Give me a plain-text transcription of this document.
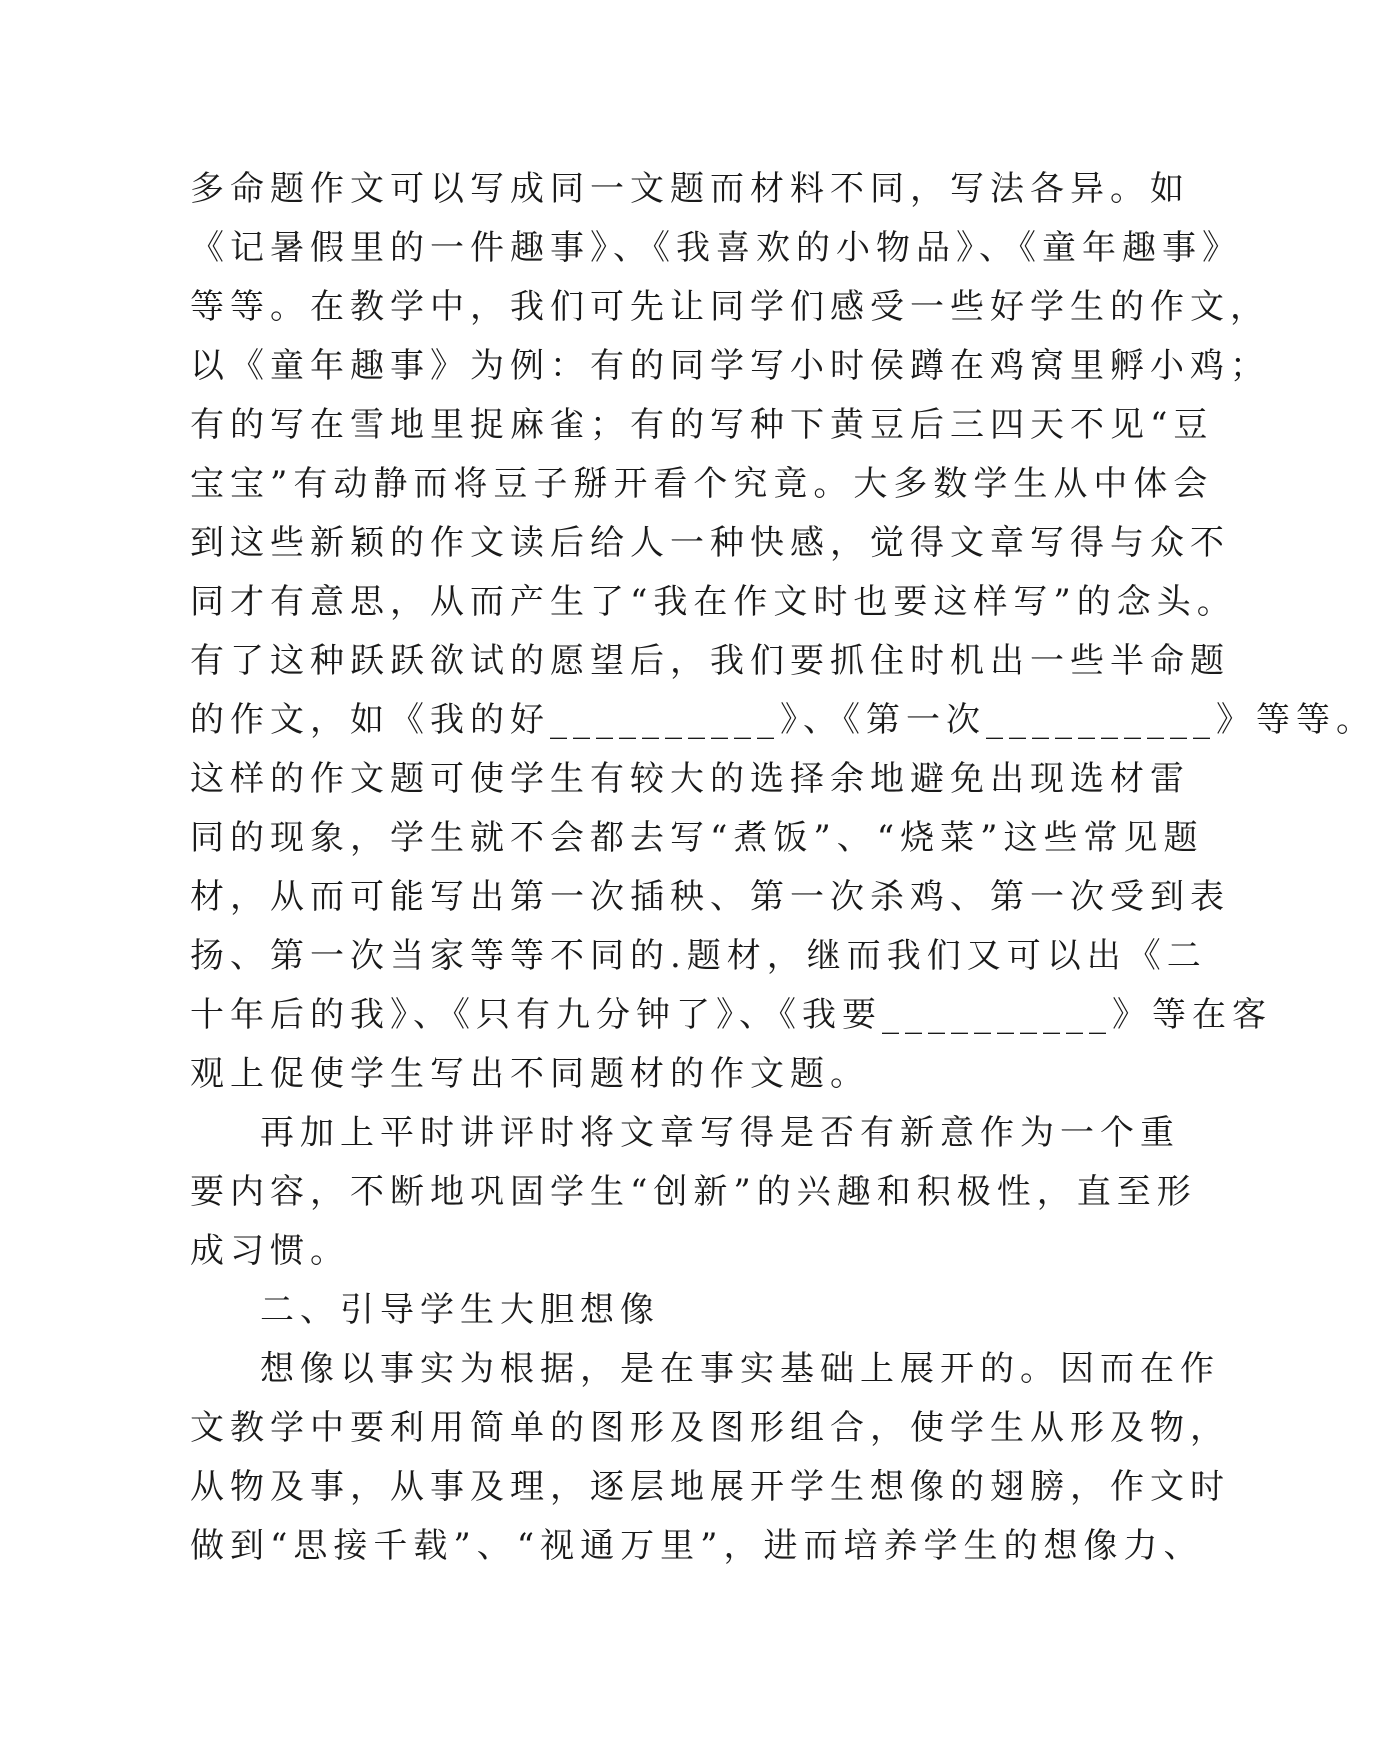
多命题作文可以写成同一文题而材料不同，写法各异。如
《记暑假里的一件趣事》、《我喜欢的小物品》、《童年趣事》
等等。在教学中，我们可先让同学们感受一些好学生的作文，
以《童年趣事》为例：有的同学写小时侯蹲在鸡窝里孵小鸡；
有的写在雪地里捉麻雀；有的写种下黄豆后三四天不见“豆
宝宝”有动静而将豆子掰开看个究竟。大多数学生从中体会
到这些新颖的作文读后给人一种快感，觉得文章写得与众不
同才有意思，从而产生了“我在作文时也要这样写”的念头。
有了这种跃跃欲试的愿望后，我们要抓住时机出一些半命题
的作文，如《我的好__________》、《第一次__________》等等。
这样的作文题可使学生有较大的选择余地避免出现选材雷
同的现象，学生就不会都去写“煮饭”、“烧菜”这些常见题
材，从而可能写出第一次插秧、第一次杀鸡、第一次受到表
扬、第一次当家等等不同的.题材，继而我们又可以出《二
十年后的我》、《只有九分钟了》、《我要__________》等在客
观上促使学生写出不同题材的作文题。
再加上平时讲评时将文章写得是否有新意作为一个重
要内容，不断地巩固学生“创新”的兴趣和积极性，直至形
成习惯。
二、引导学生大胆想像
想像以事实为根据，是在事实基础上展开的。因而在作
文教学中要利用简单的图形及图形组合，使学生从形及物，
从物及事，从事及理，逐层地展开学生想像的翅膀，作文时
做到“思接千载”、“视通万里”，进而培养学生的想像力、
